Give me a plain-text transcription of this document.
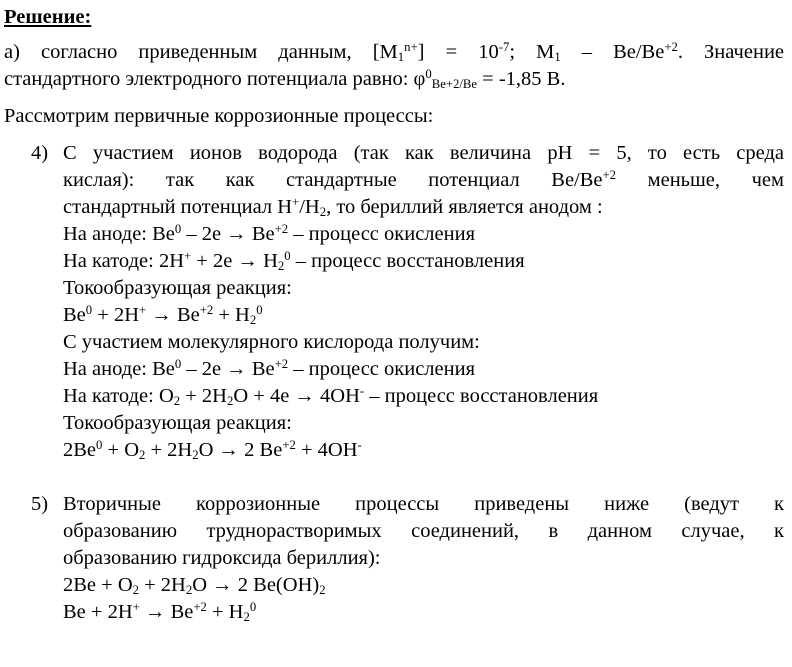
Решение:

а) согласно приведенным данным, $[M_1^{n+}] = 10^{-7}$; $M_1 - Be/Be^{+2}$. Значение

стандартного электродного потенциала равно: $\varphi^0_{Be+2/Be} = -1,85$ В.

Рассмотрим первичные коррозионные процессы:

4) С участием ионов водорода (так как величина pH = 5, то есть среда
кислая): так как стандартные потенциал $Be/Be^{+2}$ меньше, чем
стандартный потенциал $H^+/H_2$, то бериллий является анодом :
На аноде: $Be^0 - 2e \to Be^{+2}$ – процесс окисления
На катоде: $2H^+ + 2e \to H_2^0$ – процесс восстановления
Токообразующая реакция:
$Be^0 + 2H^+ \to Be^{+2} + H_2^0$
С участием молекулярного кислорода получим:
На аноде: $Be^0 - 2e \to Be^{+2}$ – процесс окисления
На катоде: $O_2 + 2H_2O + 4e \to 4OH^-$ – процесс восстановления
Токообразующая реакция:
$2Be^0 + O_2 + 2H_2O \to 2$ $Be^{+2} + 4OH^-$
5) Вторичные коррозионные процессы приведены ниже (ведут к
образованию труднорастворимых соединений, в данном случае, к
образованию гидроксида бериллия):
$2Be + O_2 + 2H_2O \to 2$ $Be(OH)_2$
$Be + 2H^+ \to Be^{+2} + H_2^0$
